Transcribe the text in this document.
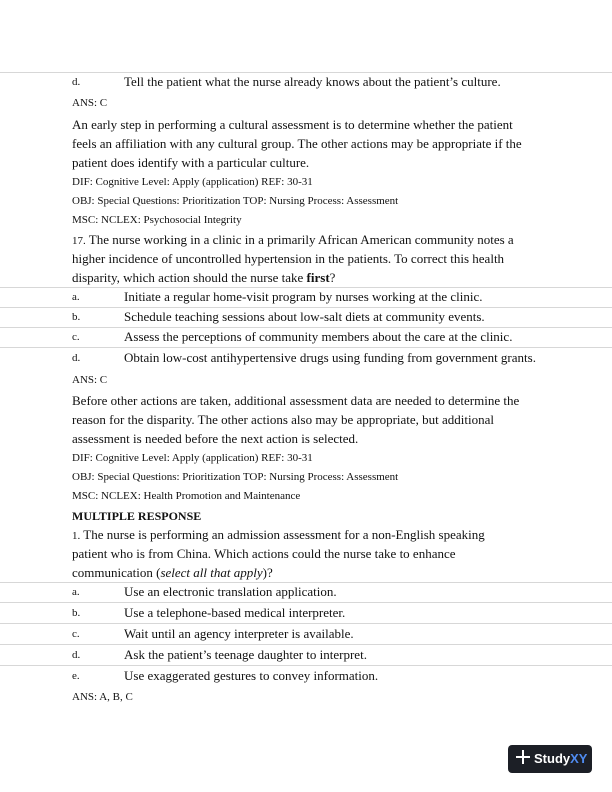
d.	Tell the patient what the nurse already knows about the patient’s culture.
ANS: C
An early step in performing a cultural assessment is to determine whether the patient
feels an affiliation with any cultural group. The other actions may be appropriate if the
patient does identify with a particular culture.
DIF: Cognitive Level: Apply (application) REF: 30-31
OBJ: Special Questions: Prioritization TOP: Nursing Process: Assessment
MSC: NCLEX: Psychosocial Integrity
17. The nurse working in a clinic in a primarily African American community notes a
higher incidence of uncontrolled hypertension in the patients. To correct this health
disparity, which action should the nurse take first?
a.	Initiate a regular home-visit program by nurses working at the clinic.
b.	Schedule teaching sessions about low-salt diets at community events.
c.	Assess the perceptions of community members about the care at the clinic.
d.	Obtain low-cost antihypertensive drugs using funding from government grants.
ANS: C
Before other actions are taken, additional assessment data are needed to determine the
reason for the disparity. The other actions also may be appropriate, but additional
assessment is needed before the next action is selected.
DIF: Cognitive Level: Apply (application) REF: 30-31
OBJ: Special Questions: Prioritization TOP: Nursing Process: Assessment
MSC: NCLEX: Health Promotion and Maintenance
MULTIPLE RESPONSE
1. The nurse is performing an admission assessment for a non-English speaking
patient who is from China. Which actions could the nurse take to enhance
communication (select all that apply)?
a.	Use an electronic translation application.
b.	Use a telephone-based medical interpreter.
c.	Wait until an agency interpreter is available.
d.	Ask the patient’s teenage daughter to interpret.
e.	Use exaggerated gestures to convey information.
ANS: A, B, C
StudyXY
